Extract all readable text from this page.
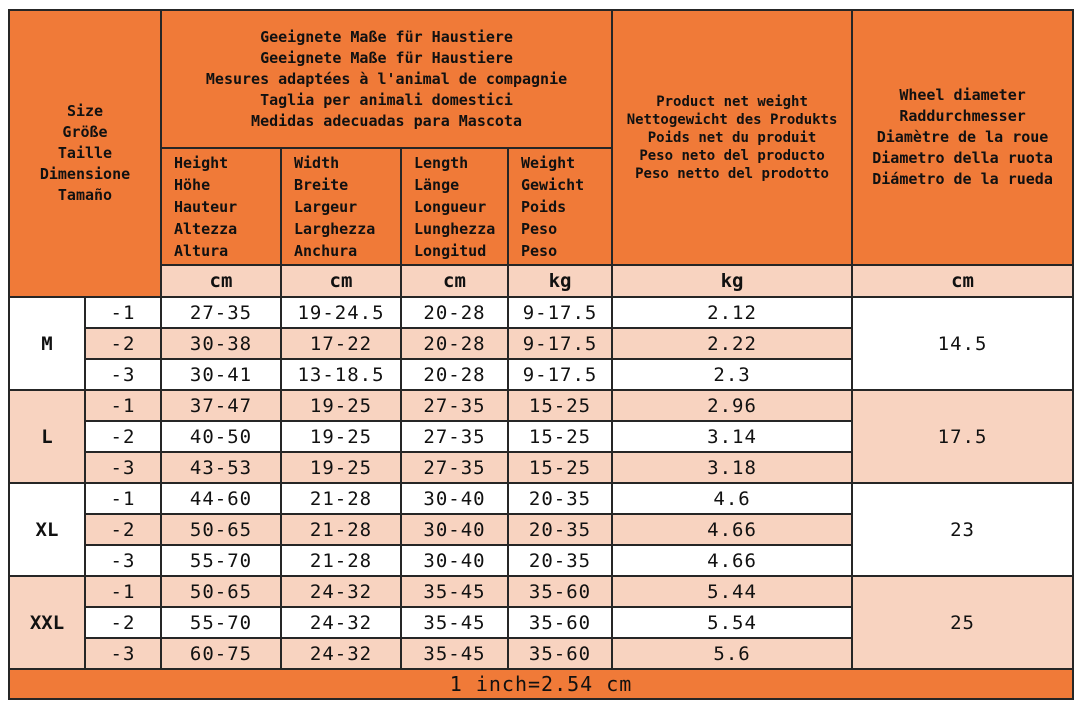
Size
Größe
Taille
Dimensione
Tamaño		Geeignete Maße für Haustiere
Geeignete Maße für Haustiere
Mesures adaptées à l'animal de compagnie
Taglia per animali domestici
Medidas adecuadas para Mascota				Product net weight
Nettogewicht des Produkts
Poids net du produit
Peso neto del producto
Peso netto del prodotto	Wheel diameter
Raddurchmesser
Diamètre de la roue
Diametro della ruota
Diámetro de la rueda

		Height
Höhe
Hauteur
Altezza
Altura	Width
Breite
Largeur
Larghezza
Anchura	Length
Länge
Longueur
Lunghezza
Longitud	Weight
Gewicht
Poids
Peso
Peso		

		cm	cm	cm	kg	kg	cm
M	-1	27-35	19-24.5	20-28	9-17.5	2.12	14.5
	-2	30-38	17-22	20-28	9-17.5	2.22	
	-3	30-41	13-18.5	20-28	9-17.5	2.3	
L	-1	37-47	19-25	27-35	15-25	2.96	17.5
	-2	40-50	19-25	27-35	15-25	3.14	
	-3	43-53	19-25	27-35	15-25	3.18	
XL	-1	44-60	21-28	30-40	20-35	4.6	23
	-2	50-65	21-28	30-40	20-35	4.66	
	-3	55-70	21-28	30-40	20-35	4.66	
XXL	-1	50-65	24-32	35-45	35-60	5.44	25
	-2	55-70	24-32	35-45	35-60	5.54	
	-3	60-75	24-32	35-45	35-60	5.6	
1 inch=2.54 cm							
